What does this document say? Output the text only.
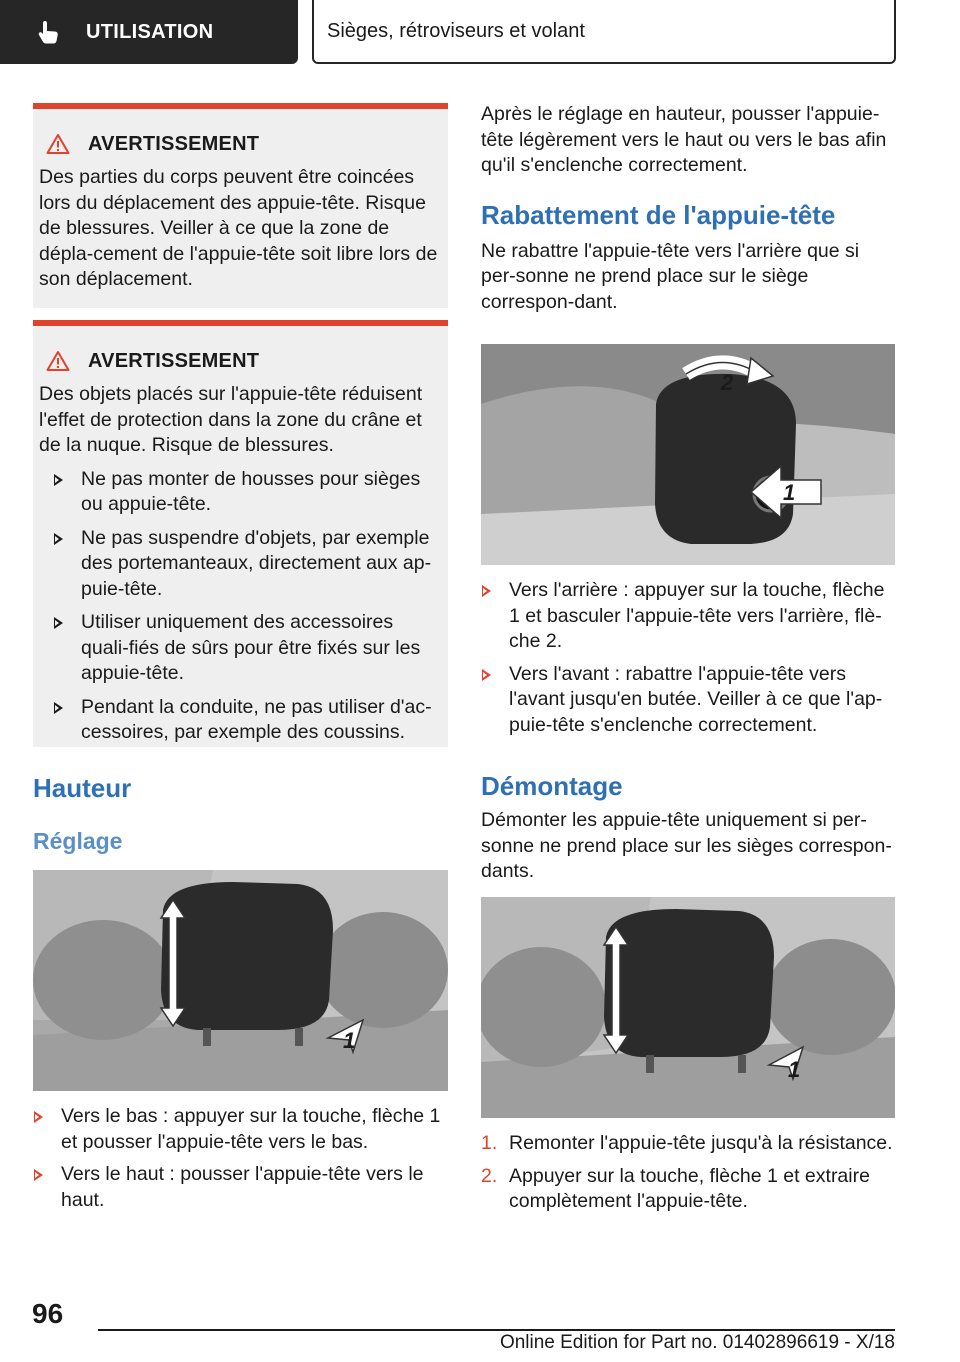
UTILISATION	Sièges, rétroviseurs et volant
AVERTISSEMENT
Des parties du corps peuvent être coincées lors du déplacement des appuie-tête. Risque de blessures. Veiller à ce que la zone de dépla-cement de l'appuie-tête soit libre lors de son déplacement.
AVERTISSEMENT
Des objets placés sur l'appuie-tête réduisent l'effet de protection dans la zone du crâne et de la nuque. Risque de blessures.
Ne pas monter de housses pour sièges ou appuie-tête.
Ne pas suspendre d'objets, par exemple des portemanteaux, directement aux ap-puie-tête.
Utiliser uniquement des accessoires quali-fiés de sûrs pour être fixés sur les appuie-tête.
Pendant la conduite, ne pas utiliser d'ac-cessoires, par exemple des coussins.
Hauteur
Réglage
1
Vers le bas : appuyer sur la touche, flèche 1 et pousser l'appuie-tête vers le bas.
Vers le haut : pousser l'appuie-tête vers le haut.
Après le réglage en hauteur, pousser l'appuie-tête légèrement vers le haut ou vers le bas afin qu'il s'enclenche correctement.
Rabattement de l'appuie-tête
Ne rabattre l'appuie-tête vers l'arrière que si per-sonne ne prend place sur le siège correspon-dant.
2
1
Vers l'arrière : appuyer sur la touche, flèche 1 et basculer l'appuie-tête vers l'arrière, flè-che 2.
Vers l'avant : rabattre l'appuie-tête vers l'avant jusqu'en butée. Veiller à ce que l'ap-puie-tête s'enclenche correctement.
Démontage
Démonter les appuie-tête uniquement si per-sonne ne prend place sur les sièges correspon-dants.
1
1. Remonter l'appuie-tête jusqu'à la résistance.
2. Appuyer sur la touche, flèche 1 et extraire complètement l'appuie-tête.
96
Online Edition for Part no. 01402896619 - X/18
